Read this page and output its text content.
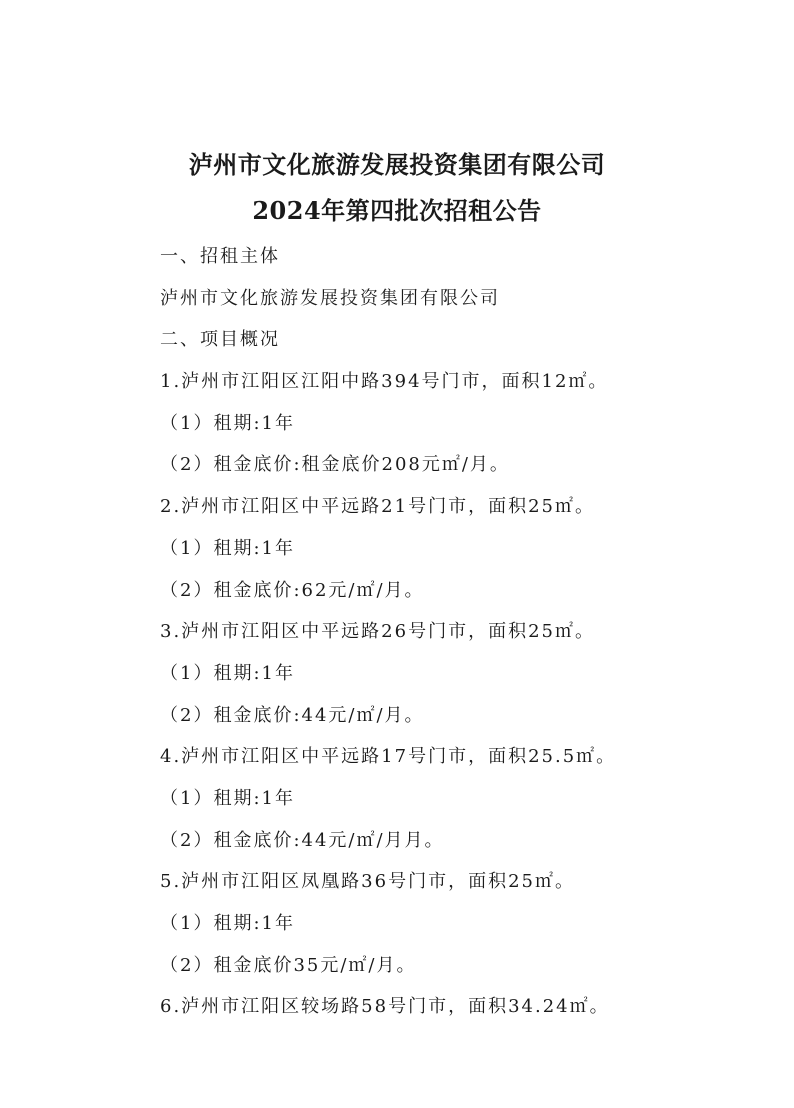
泸州市文化旅游发展投资集团有限公司
2024年第四批次招租公告
一、招租主体
泸州市文化旅游发展投资集团有限公司
二、项目概况
1.泸州市江阳区江阳中路394号门市，面积12㎡。
（1）租期:1年
（2）租金底价:租金底价208元㎡/月。
2.泸州市江阳区中平远路21号门市，面积25㎡。
（1）租期:1年
（2）租金底价:62元/㎡/月。
3.泸州市江阳区中平远路26号门市，面积25㎡。
（1）租期:1年
（2）租金底价:44元/㎡/月。
4.泸州市江阳区中平远路17号门市，面积25.5㎡。
（1）租期:1年
（2）租金底价:44元/㎡/月月。
5.泸州市江阳区凤凰路36号门市，面积25㎡。
（1）租期:1年
（2）租金底价35元/㎡/月。
6.泸州市江阳区较场路58号门市，面积34.24㎡。
